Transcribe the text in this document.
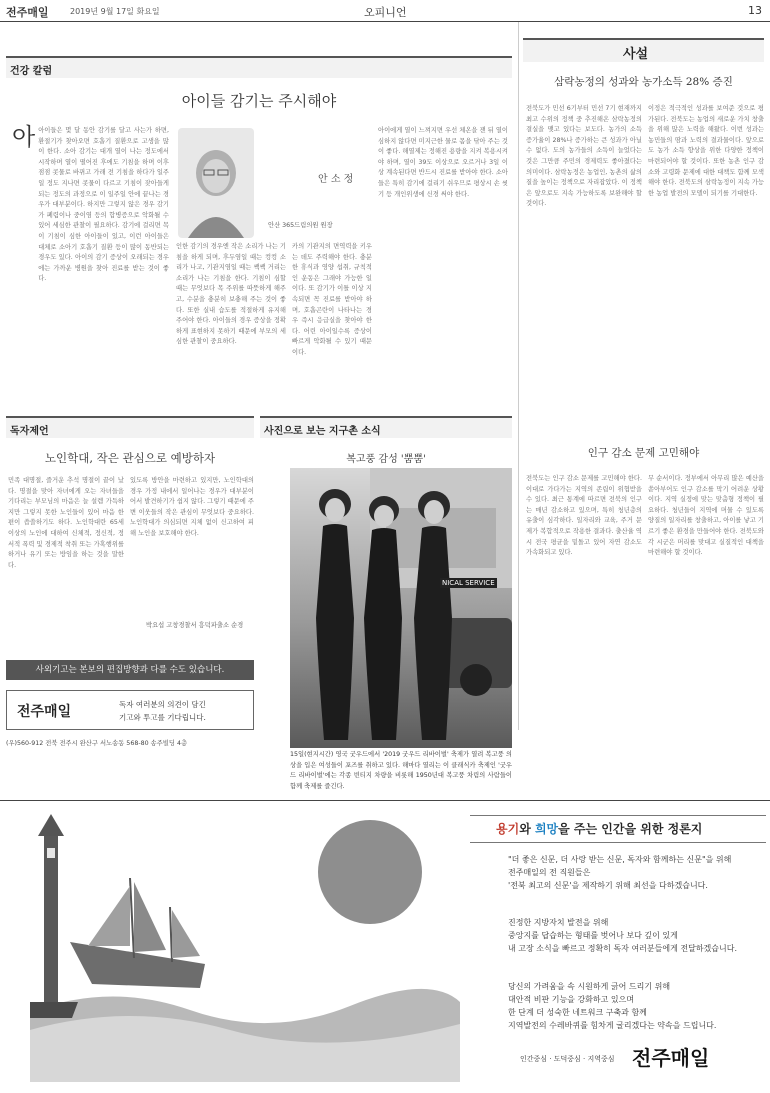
전주매일	2019년 9월 17일 화요일	오피니언	13
건강 칼럼
아이들 감기는 주시해야
아 아이들은 몇 달 동안 감기를 달고 사는가 하면, 환절기가 찾아오면 호흡기 질환으로 고생을 많이 한다. 소아 감기는 대개 열이 나는 정도에서 시작하며 열이 떨어진 후에도 기침을 하며 이후 점점 콧물로 바뀌고 가래 전 기침을 하다가 일주일 정도 지나면 콧물이 다르고 기침이 잦아들게 되는 정도의 과정으로 이 일주일 안에 끝나는 경우가 대부분이다. 하지만 그렇지 않은 경우 감기가 폐렴이나 중이염 등의 합병증으로 악화될 수 있어 세심한 관찰이 필요하다. 감기에 걸리면 목이 기침이 심한 아이들이 있고, 이런 아이들은 대체로 소아기 호흡기 질환 등이 많이 동반되는 경우도 있다. 아이의 감기 증상이 오래되는 경우에는 가까운 병원을 찾아 진료를 받는 것이 좋다.
안 소 정
안산 365드림의원 원장
인한 감기의 경우엔 작은 소리가 나는 기침을 하게 되며, 후두염일 때는 컹컹 소리가 나고, 기관지염일 때는 쌕쌕 거리는 소리가 나는 기침을 한다. 기침이 심할 때는 무엇보다 목 주위를 따뜻하게 해주고, 수분을 충분히 보충해 주는 것이 좋다. 또한 실내 습도를 적절하게 유지해 주어야 한다. 아이들의 경우 증상을 정확하게 표현하지 못하기 때문에 부모의 세심한 관찰이 중요하다.
카의 기관지의 면역력을 키우는 데도 주력해야 한다. 충분한 휴식과 영양 섭취, 규칙적인 운동은 그래야 가능한 일이다. 또 감기가 이틀 이상 지속되면 꼭 진료를 받아야 하며, 호흡곤란이 나타나는 경우 즉시 응급실을 찾아야 한다. 어린 아이일수록 증상이 빠르게 악화될 수 있기 때문이다.
아이에게 열이 느껴지면 우선 체온을 잰 뒤 열이 심하지 않다면 미지근한 물로 몸을 닦아 주는 것이 좋다. 해열제는 정해진 용량을 지켜 복용시켜야 하며, 열이 39도 이상으로 오르거나 3일 이상 계속된다면 반드시 진료를 받아야 한다. 소아들은 특히 감기에 걸리기 쉬우므로 평상시 손 씻기 등 개인위생에 신경 써야 한다.
사설
삼락농정의 성과와 농가소득 28% 증진
전북도가 민선 6기부터 민선 7기 현재까지 최고 수위의 정책 중 추진해온 삼락농정의 결실을 맺고 있다는 보도다. 농가의 소득 증가율이 28%나 증가하는 큰 성과가 아닐 수 없다. 도의 농가들의 소득이 늘었다는 것은 그만큼 주민의 경제력도 좋아졌다는 의미이다. 삼락농정은 농업인, 농촌의 삶의 질을 높이는 정책으로 자리잡았다. 이 정책은 앞으로도 지속 가능하도록 보완해야 할 것이다.
이정은 적극적인 성과를 보여준 것으로 평가된다. 전북도는 농업의 새로운 가치 창출을 위해 많은 노력을 해왔다. 이번 성과는 농민들의 땀과 노력의 결과물이다. 앞으로도 농가 소득 향상을 위한 다양한 정책이 마련되어야 할 것이다. 또한 농촌 인구 감소와 고령화 문제에 대한 대책도 함께 모색해야 한다. 전북도의 삼락농정이 지속 가능한 농업 발전의 모델이 되기를 기대한다.
인구 감소 문제 고민해야
전북도는 인구 감소 문제를 고민해야 한다. 이대로 가다가는 지역의 존립이 위협받을 수 있다. 최근 통계에 따르면 전북의 인구는 매년 감소하고 있으며, 특히 청년층의 유출이 심각하다. 일자리와 교육, 주거 문제가 복합적으로 작용한 결과다. 출산율 역시 전국 평균을 밑돌고 있어 자연 감소도 가속화되고 있다.
무 순서이다. 정부에서 아무리 많은 예산을 쏟아부어도 인구 감소를 막기 어려운 상황이다. 지역 실정에 맞는 맞춤형 정책이 필요하다. 청년들이 지역에 머물 수 있도록 양질의 일자리를 창출하고, 아이를 낳고 기르기 좋은 환경을 만들어야 한다. 전북도와 각 시군은 머리를 맞대고 실질적인 대책을 마련해야 할 것이다.
독자제언
노인학대, 작은 관심으로 예방하자
민족 대명절, 즐거운 추석 명절이 끝이 났다. 명절을 맞아 자녀에게 오는 자녀들을 기다리는 부모님의 마음은 늘 설렘 가득하지만 그렇지 못한 노인들이 있어 마음 한 편이 씁쓸하기도 하다. 노인학대란 65세 이상의 노인에 대하여 신체적, 정신적, 정서적 폭력 및 경제적 착취 또는 가혹행위를 하거나 유기 또는 방임을 하는 것을 말한다.
있도록 방안을 마련하고 있지만, 노인학대의 경우 가정 내에서 일어나는 경우가 대부분이어서 발견하기가 쉽지 않다. 그렇기 때문에 주변 이웃들의 작은 관심이 무엇보다 중요하다. 노인학대가 의심되면 지체 없이 신고하여 피해 노인을 보호해야 한다.
박요섭 고창경찰서 흥덕파출소 순경
사외기고는 본보의 편집방향과 다를 수도 있습니다.
전주매일	독자 여러분의 의견이 담긴
기고와 투고를 기다립니다.
(우)560-912 전북 전주시 완산구 서노송동 568-80 송주빌딩 4층
사진으로 보는 지구촌 소식
복고풍 감성 '뿜뿜'
NICAL SERVICE
15일(현지시간) 영국 굿우드에서 '2019 굿우드 리바이벌' 축제가 열려 복고풍 의상을 입은 여성들이 포즈를 취하고 있다. 해마다 열리는 이 클래식카 축제인 '굿우드 리바이벌'에는 각종 빈티지 차량을 비롯해 1950년대 복고풍 차림의 사람들이 함께 축제를 즐긴다.
용기와 희망을 주는 인간을 위한 정론지
"더 좋은 신문, 더 사랑 받는 신문, 독자와 함께하는 신문"을 위해
전주매일의 전 직원들은
'전북 최고의 신문'을 제작하기 위해 최선을 다하겠습니다.
진정한 지방자치 발전을 위해
중앙지를 답습하는 형태를 벗어나 보다 깊이 있게
내 고장 소식을 빠르고 정확히 독자 여러분들에게 전달하겠습니다.
당신의 가려움을 속 시원하게 긁어 드리기 위해
대안적 비판 기능을 강화하고 있으며
한 단계 더 성숙한 네트워크 구축과 함께
지역발전의 수레바퀴를 힘차게 굴리겠다는 약속을 드립니다.
인간중심 · 도덕중심 · 지역중심 전주매일
